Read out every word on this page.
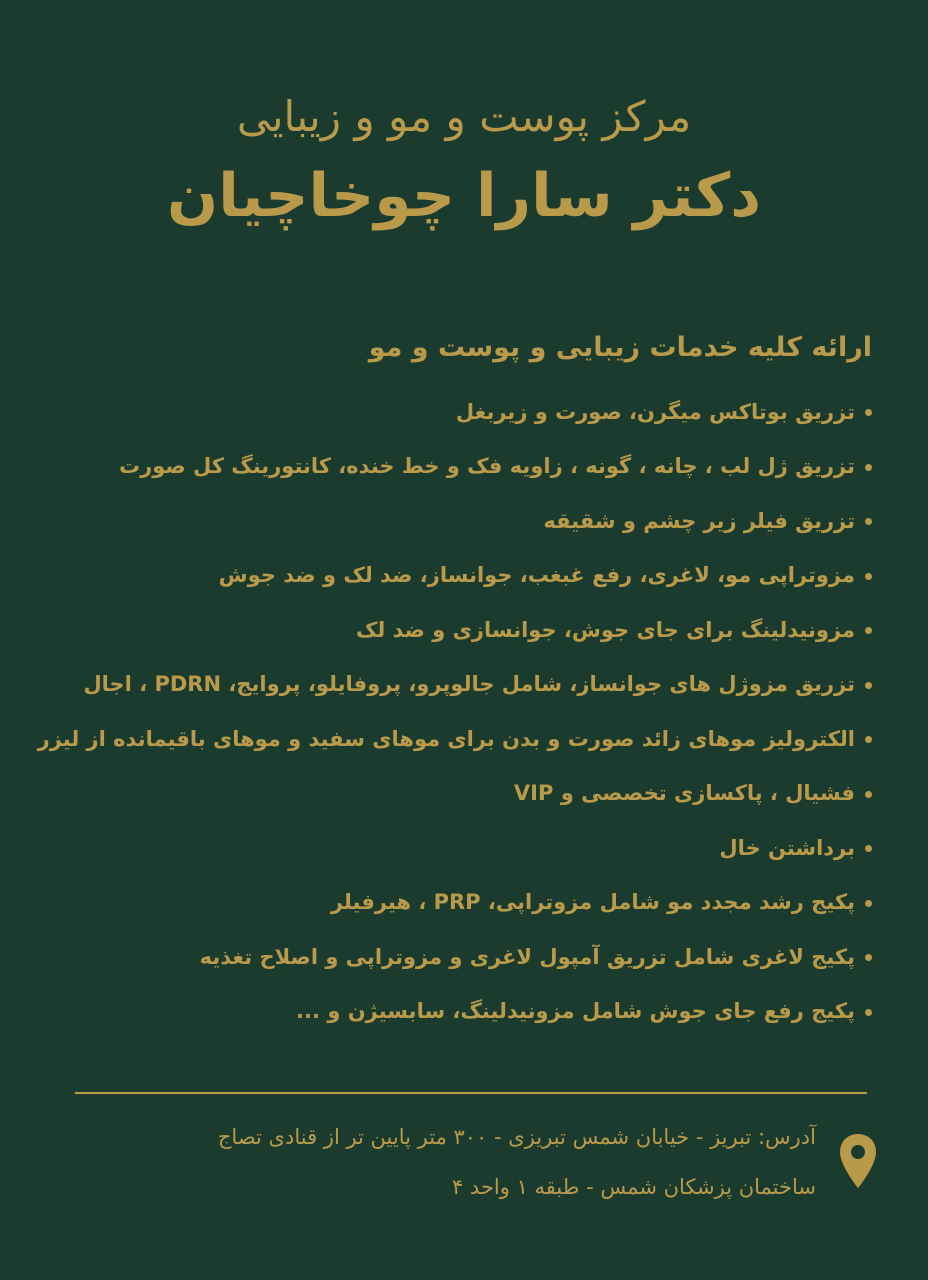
مرکز پوست و مو و زیبایی
دکتر سارا چوخاچیان
ارائه کلیه خدمات زیبایی و پوست و مو
تزریق بوتاکس میگرن، صورت و زیربغل
تزریق ژل لب ، چانه ، گونه ، زاویه فک و خط خنده، کانتورینگ کل صورت
تزریق فیلر زیر چشم و شقیقه
مزوتراپی مو، لاغری، رفع غبغب، جوانساز، ضد لک و ضد جوش
مزونیدلینگ برای جای جوش، جوانسازی و ضد لک
تزریق مزوژل های جوانساز، شامل جالوپرو، پروفایلو، پروایج، PDRN ، اجال
الکترولیز موهای زائد صورت و بدن برای موهای سفید و موهای باقیمانده از لیزر
فشیال ، پاکسازی تخصصی و VIP
برداشتن خال
پکیج رشد مجدد مو شامل مزوتراپی، PRP ، هیرفیلر
پکیج لاغری شامل تزریق آمپول لاغری و مزوتراپی و اصلاح تغذیه
پکیج رفع جای جوش شامل مزونیدلینگ، سابسیژن و ...
آدرس: تبریز - خیابان شمس تبریزی - ۳۰۰ متر پایین تر از قنادی تصاج
ساختمان پزشکان شمس - طبقه ۱ واحد ۴
